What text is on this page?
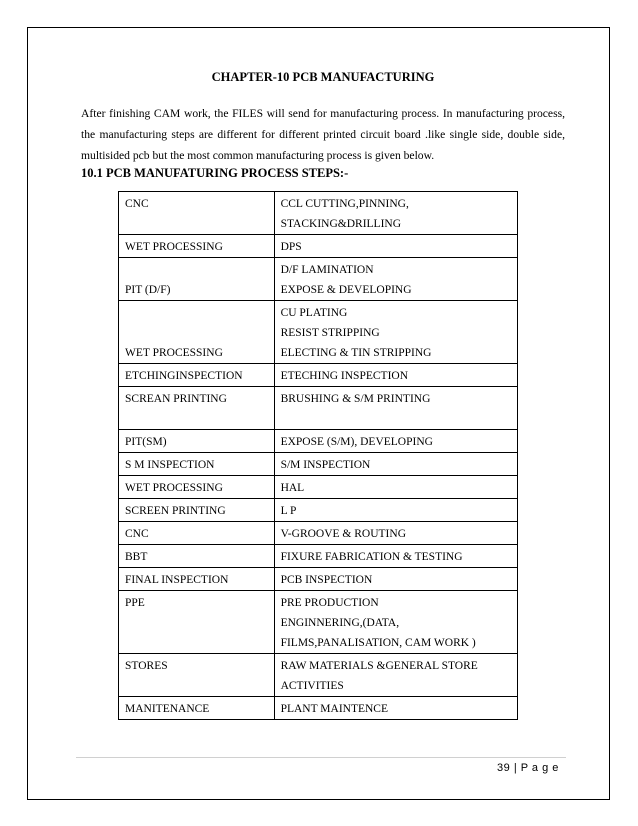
CHAPTER-10 PCB MANUFACTURING

After finishing CAM work, the FILES will send for manufacturing process. In manufacturing process, the manufacturing steps are different for different printed circuit board .like single side, double side, multisided pcb but the most common manufacturing process is given below.

10.1 PCB MANUFATURING PROCESS STEPS:-
CNC	CCL CUTTING,PINNING,
STACKING&DRILLING

WET PROCESSING	DPS

PIT (D/F)	D/F LAMINATION
EXPOSE & DEVELOPING

WET PROCESSING	CU PLATING
RESIST STRIPPING
ELECTING & TIN STRIPPING

ETCHINGINSPECTION	ETECHING INSPECTION

SCREAN PRINTING	BRUSHING & S/M PRINTING

PIT(SM)	EXPOSE (S/M), DEVELOPING

S M INSPECTION	S/M INSPECTION

WET PROCESSING	HAL

SCREEN PRINTING	L P

CNC	V-GROOVE & ROUTING

BBT	FIXURE FABRICATION & TESTING

FINAL INSPECTION	PCB INSPECTION

PPE	PRE PRODUCTION
ENGINNERING,(DATA,
FILMS,PANALISATION, CAM WORK )

STORES	RAW MATERIALS &GENERAL STORE
ACTIVITIES

MANITENANCE	PLANT MAINTENCE
39 | P a g e
